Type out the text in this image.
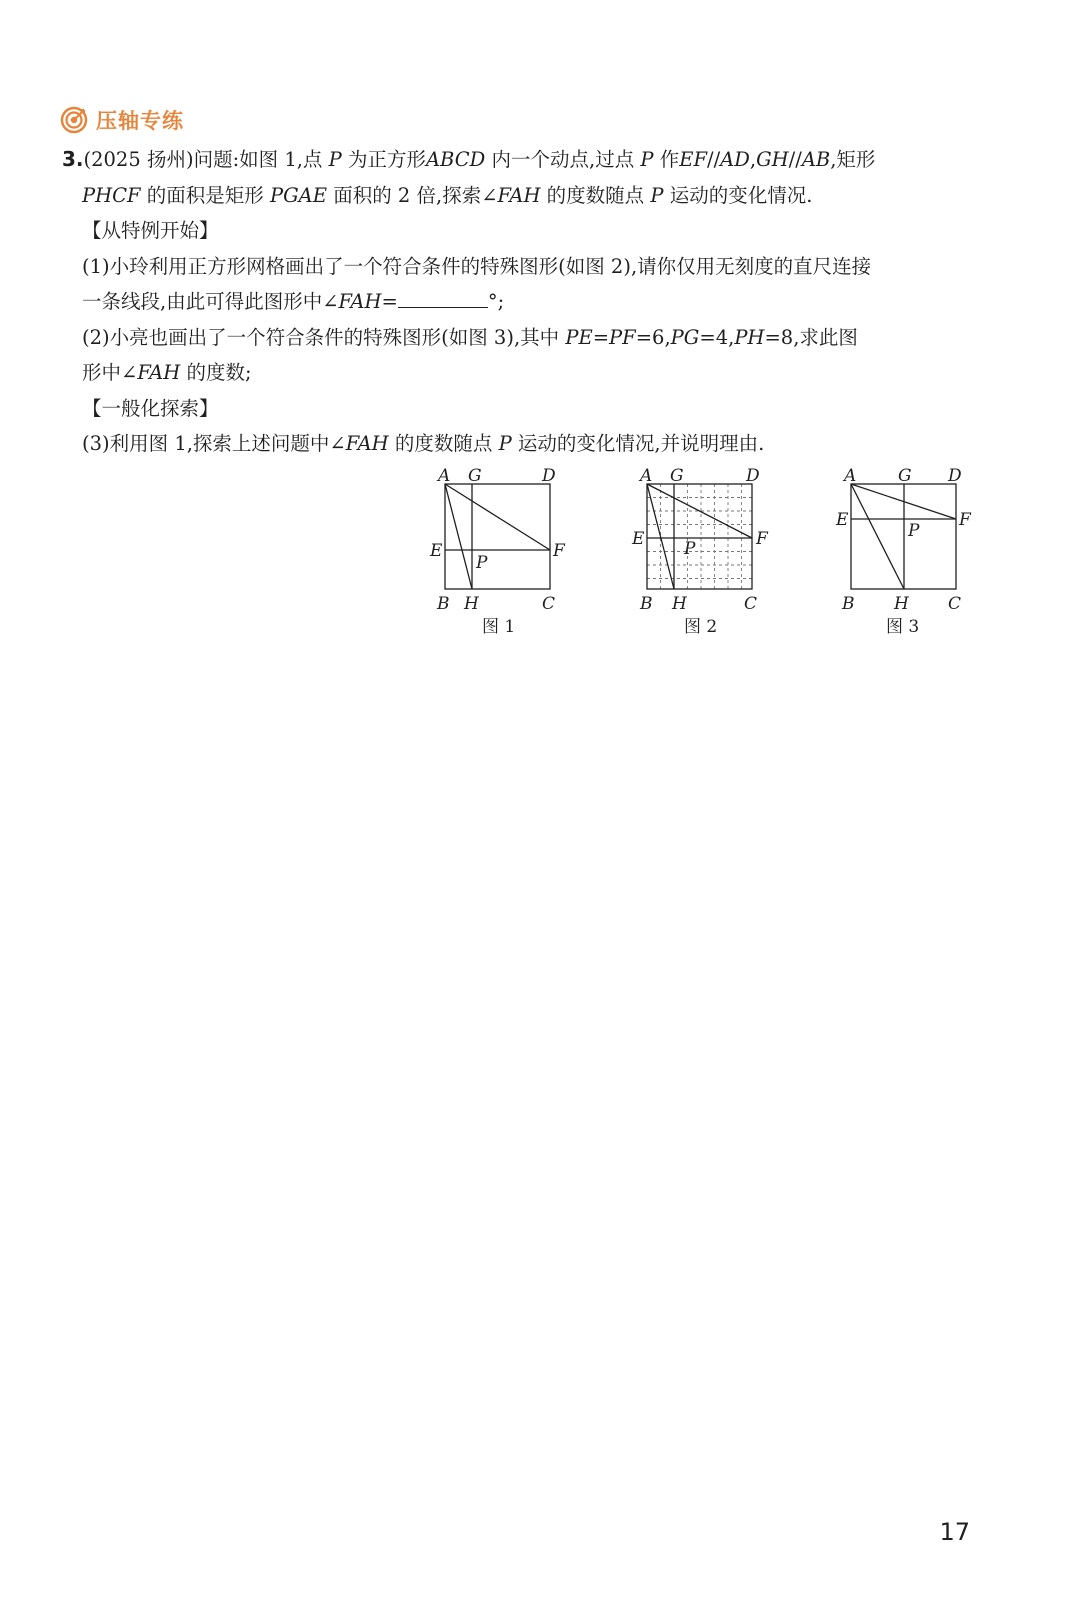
压轴专练
3.(2025 扬州)问题:如图 1,点 P 为正方形ABCD 内一个动点,过点 P 作EF//AD,GH//AB,矩形
PHCF 的面积是矩形 PGAE 面积的 2 倍,探索∠FAH 的度数随点 P 运动的变化情况.
【从特例开始】
(1)小玲利用正方形网格画出了一个符合条件的特殊图形(如图 2),请你仅用无刻度的直尺连接
一条线段,由此可得此图形中∠FAH=	°;
(2)小亮也画出了一个符合条件的特殊图形(如图 3),其中 PE=PF=6,PG=4,PH=8,求此图
形中∠FAH 的度数;
【一般化探索】
(3)利用图 1,探索上述问题中∠FAH 的度数随点 P 运动的变化情况,并说明理由.
A G	D
E
P
F
B H	C
图 1
A G	D
E P	F
B H	C
图 2
A G D
E
P
F
B H C
图 3
17
